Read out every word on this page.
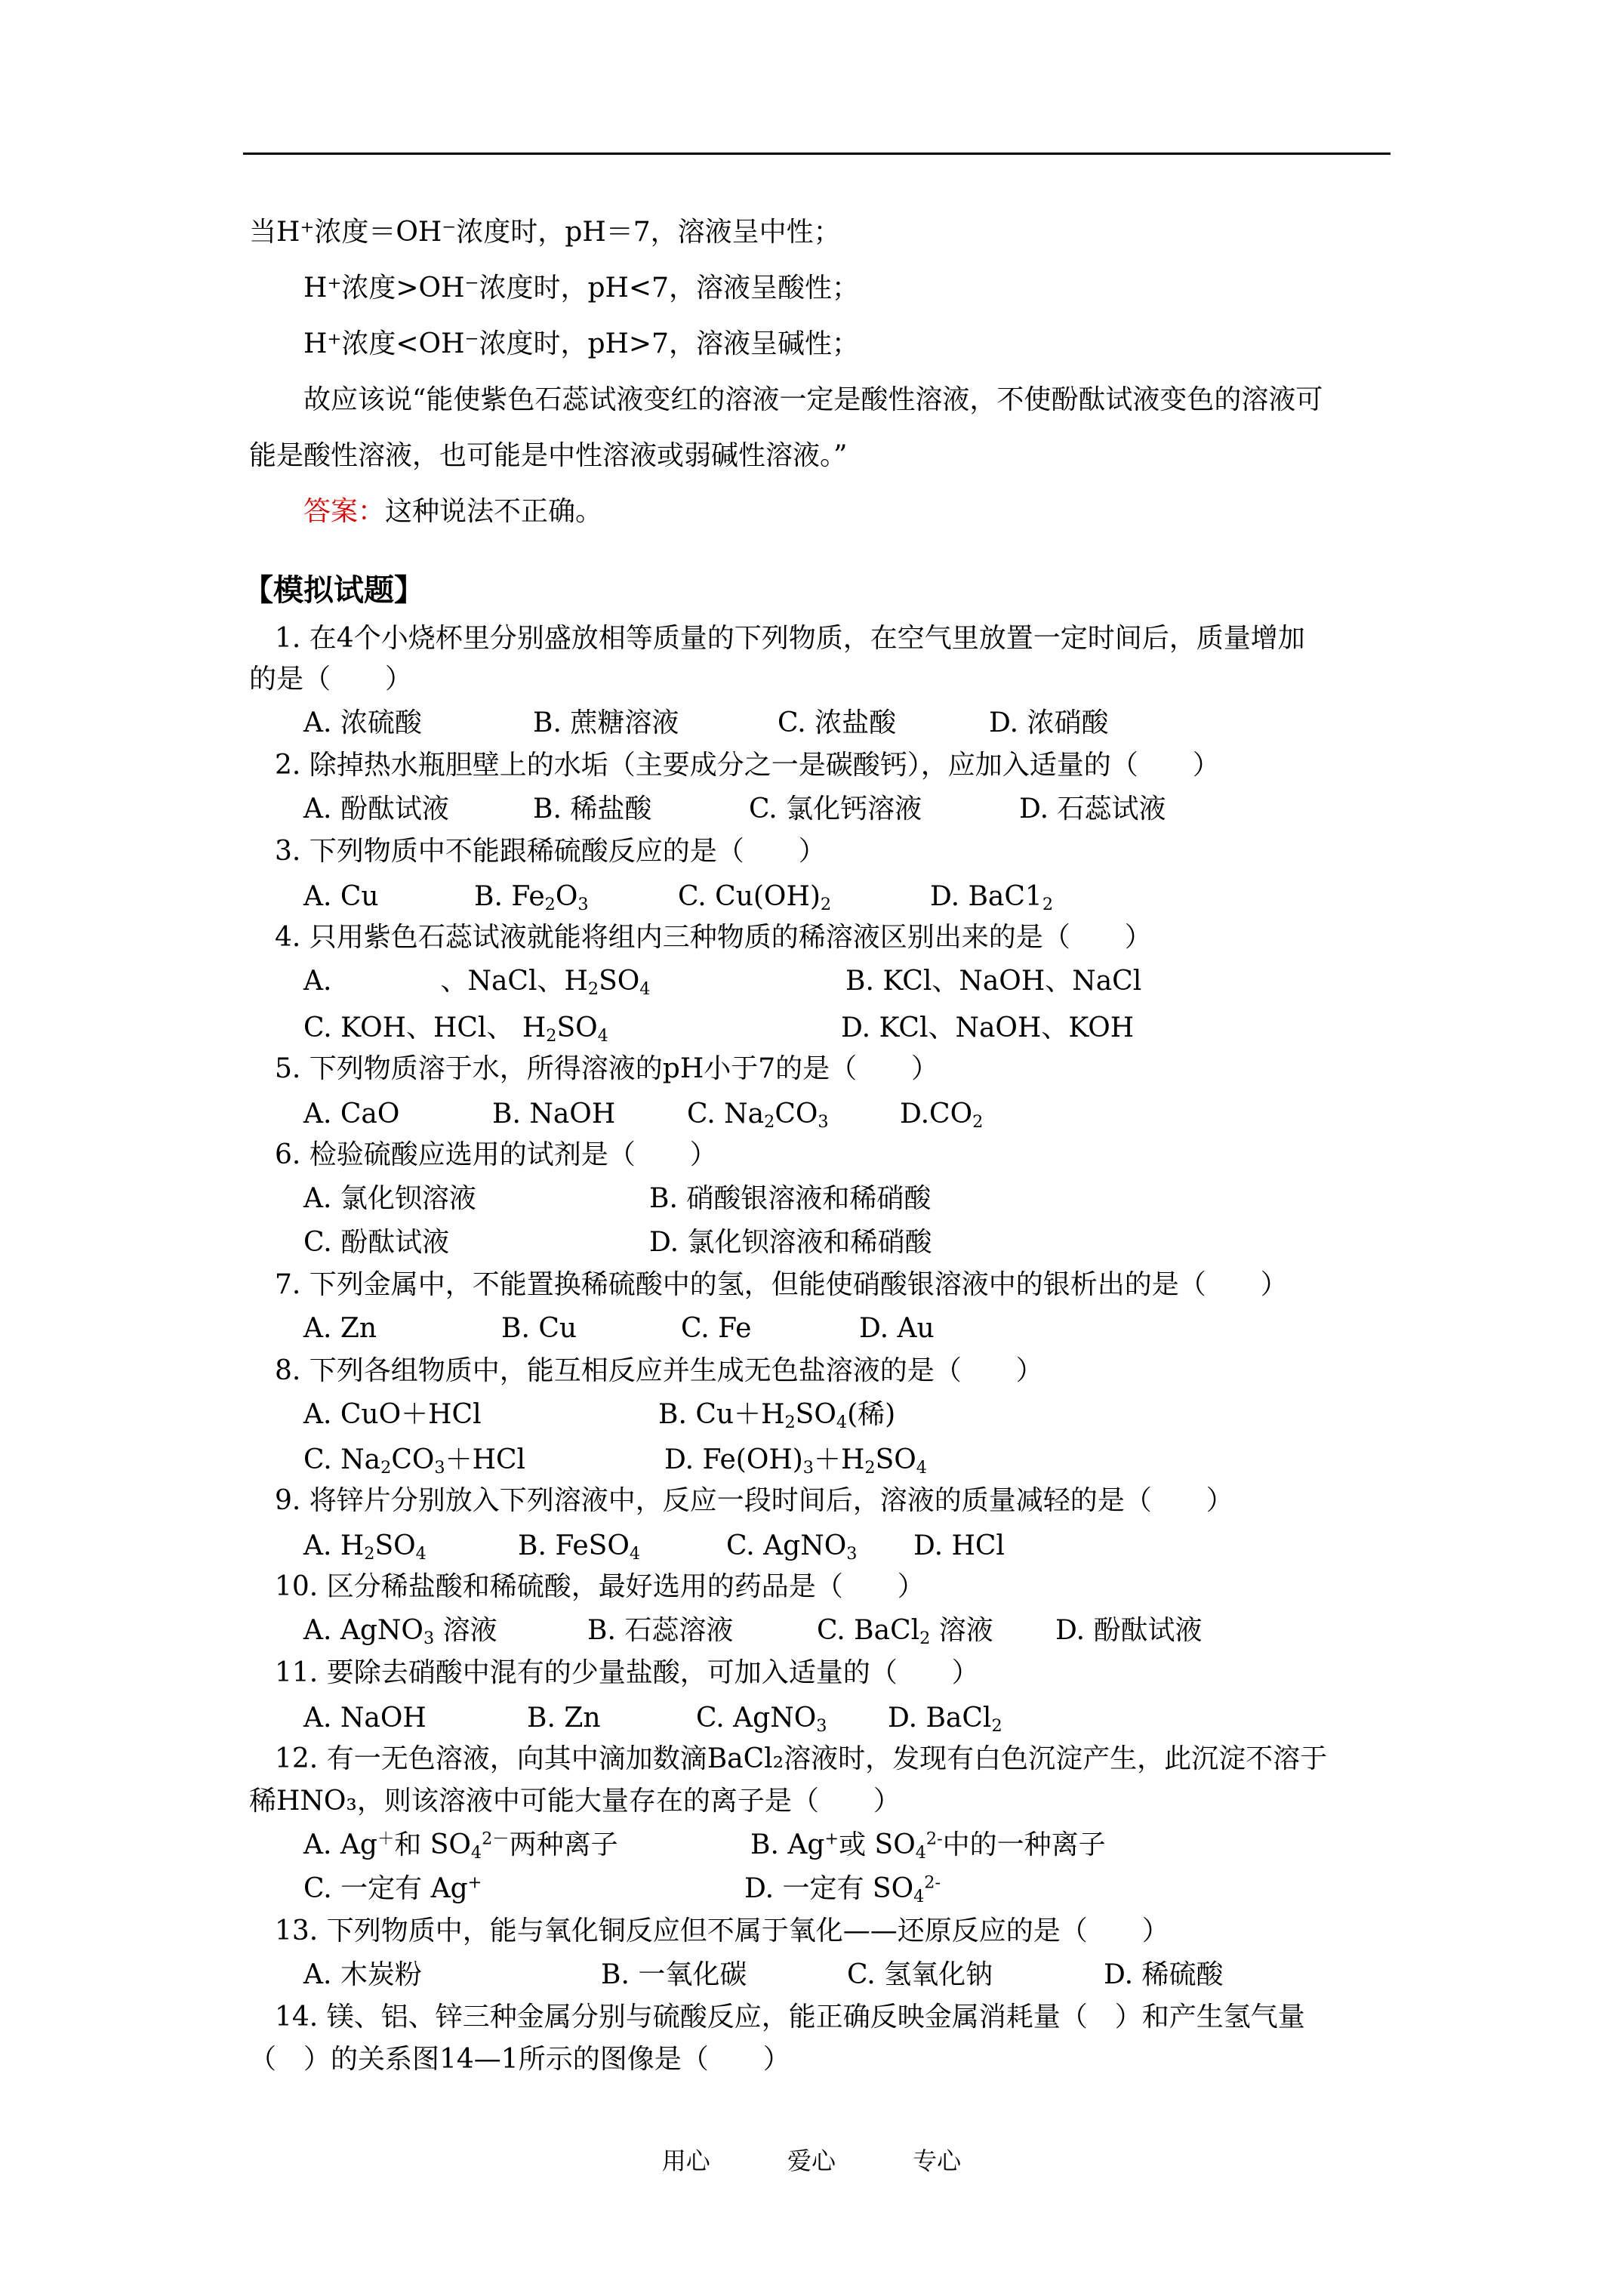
当H⁺浓度＝OH⁻浓度时，pH＝7，溶液呈中性；

H⁺浓度>OH⁻浓度时，pH<7，溶液呈酸性；

H⁺浓度<OH⁻浓度时，pH>7，溶液呈碱性；

故应该说“能使紫色石蕊试液变红的溶液一定是酸性溶液，不使酚酞试液变色的溶液可

能是酸性溶液，也可能是中性溶液或弱碱性溶液。”

答案：这种说法不正确。

【模拟试题】

1. 在4个小烧杯里分别盛放相等质量的下列物质，在空气里放置一定时间后，质量增加

的是（　　）

A. 浓硫酸	B. 蔗糖溶液	C. 浓盐酸	D. 浓硝酸

2. 除掉热水瓶胆壁上的水垢（主要成分之一是碳酸钙），应加入适量的（　　）

A. 酚酞试液	B. 稀盐酸	C. 氯化钙溶液	D. 石蕊试液

3. 下列物质中不能跟稀硫酸反应的是（　　）

A. Cu	B. $Fe_2O_3$	C. $Cu(OH)_2$	D. $BaC1_2$

4. 只用紫色石蕊试液就能将组内三种物质的稀溶液区别出来的是（　　）

A.    、NaCl、$H_2SO_4$	B. KCl、NaOH、NaCl
C. KOH、HCl、 $H_2SO_4$	D. KCl、NaOH、KOH

5. 下列物质溶于水，所得溶液的pH小于7的是（　　）

A. CaO	B. NaOH	C. $Na_2CO_3$	$D.CO_2$

6. 检验硫酸应选用的试剂是（　　）

A. 氯化钡溶液	B. 硝酸银溶液和稀硝酸
C. 酚酞试液	D. 氯化钡溶液和稀硝酸

7. 下列金属中，不能置换稀硫酸中的氢，但能使硝酸银溶液中的银析出的是（　　）

A. Zn	B. Cu	C. Fe	D. Au

8. 下列各组物质中，能互相反应并生成无色盐溶液的是（　　）

A. CuO＋HCl	B. $Cu+H_2SO_4$(稀)
C. $Na_2CO_3+HCl$	D. $Fe(OH)_3+H_2SO_4$

9. 将锌片分别放入下列溶液中，反应一段时间后，溶液的质量减轻的是（　　）

A. $H_2SO_4$	B. FeSO$_4$	C. AgNO$_3$ D. HCl

10. 区分稀盐酸和稀硫酸，最好选用的药品是（　　）

A. AgNO$_3$ 溶液	B. 石蕊溶液	C. BaCl$_2$ 溶液 D. 酚酞试液

11. 要除去硝酸中混有的少量盐酸，可加入适量的（　　）

A. NaOH	B. Zn	C. AgNO$_3$ D. BaCl$_2$

12. 有一无色溶液，向其中滴加数滴BaCl₂溶液时，发现有白色沉淀产生，此沉淀不溶于

稀HNO₃，则该溶液中可能大量存在的离子是（　　）

A. Ag＋和 $SO_4^{2-}$两种离子	B. Ag+或 $SO_4^{2-}$中的一种离子
C. 一定有 Ag+	D. 一定有 $SO_4^{2-}$

13. 下列物质中，能与氧化铜反应但不属于氧化——还原反应的是（　　）

A. 木炭粉	B. 一氧化碳	C. 氢氧化钠	D. 稀硫酸

14. 镁、铝、锌三种金属分别与硫酸反应，能正确反映金属消耗量（　）和产生氢气量

（　）的关系图14—1所示的图像是（　　）

用心	爱心	专心
